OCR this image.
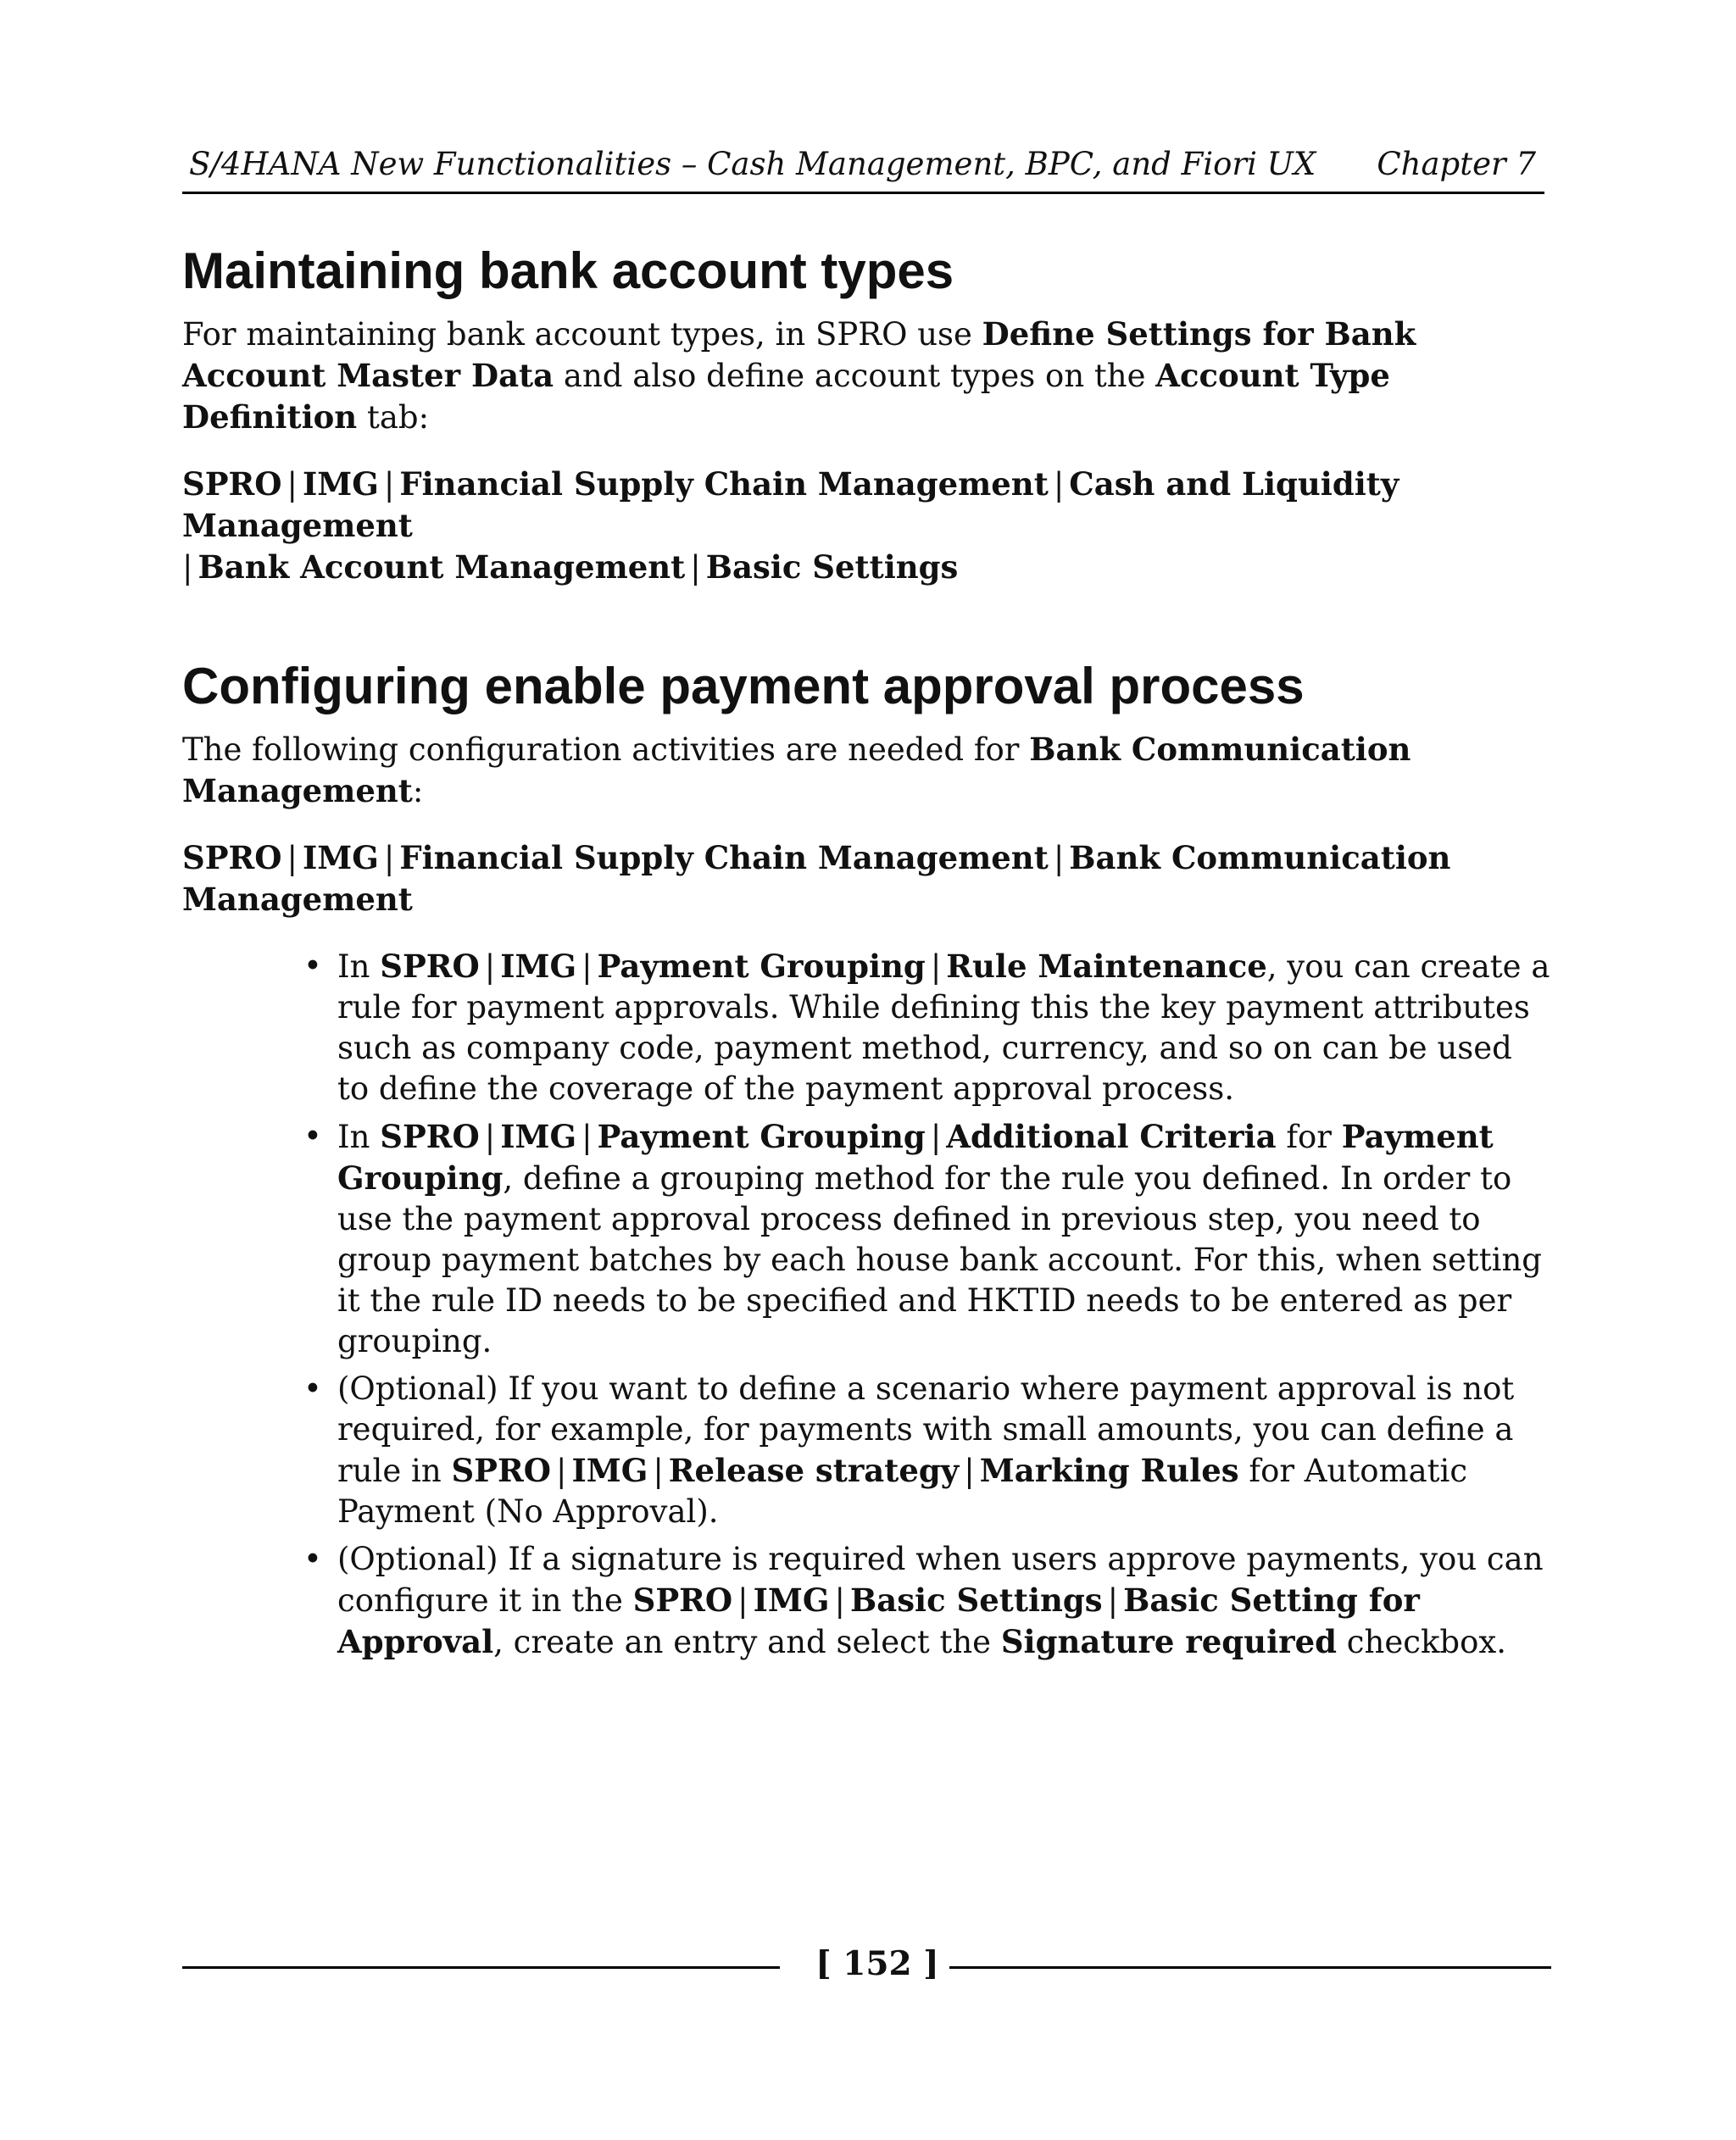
S/4HANA New Functionalities – Cash Management, BPC, and Fiori UX Chapter 7
Maintaining bank account types

For maintaining bank account types, in SPRO use Define Settings for Bank Account Master Data and also define account types on the Account Type Definition tab:

SPRO | IMG | Financial Supply Chain Management | Cash and Liquidity Management
| Bank Account Management | Basic Settings

Configuring enable payment approval process

The following configuration activities are needed for Bank Communication Management:

SPRO | IMG | Financial Supply Chain Management | Bank Communication Management

• In SPRO | IMG | Payment Grouping | Rule Maintenance, you can create a rule for payment approvals. While defining this the key payment attributes such as company code, payment method, currency, and so on can be used to define the coverage of the payment approval process.
• In SPRO | IMG | Payment Grouping | Additional Criteria for Payment Grouping, define a grouping method for the rule you defined. In order to use the payment approval process defined in previous step, you need to group payment batches by each house bank account. For this, when setting it the rule ID needs to be specified and HKTID needs to be entered as per grouping.
• (Optional) If you want to define a scenario where payment approval is not required, for example, for payments with small amounts, you can define a rule in SPRO | IMG | Release strategy | Marking Rules for Automatic Payment (No Approval).
• (Optional) If a signature is required when users approve payments, you can configure it in the SPRO | IMG | Basic Settings | Basic Setting for Approval, create an entry and select the Signature required checkbox.
[ 152 ]
